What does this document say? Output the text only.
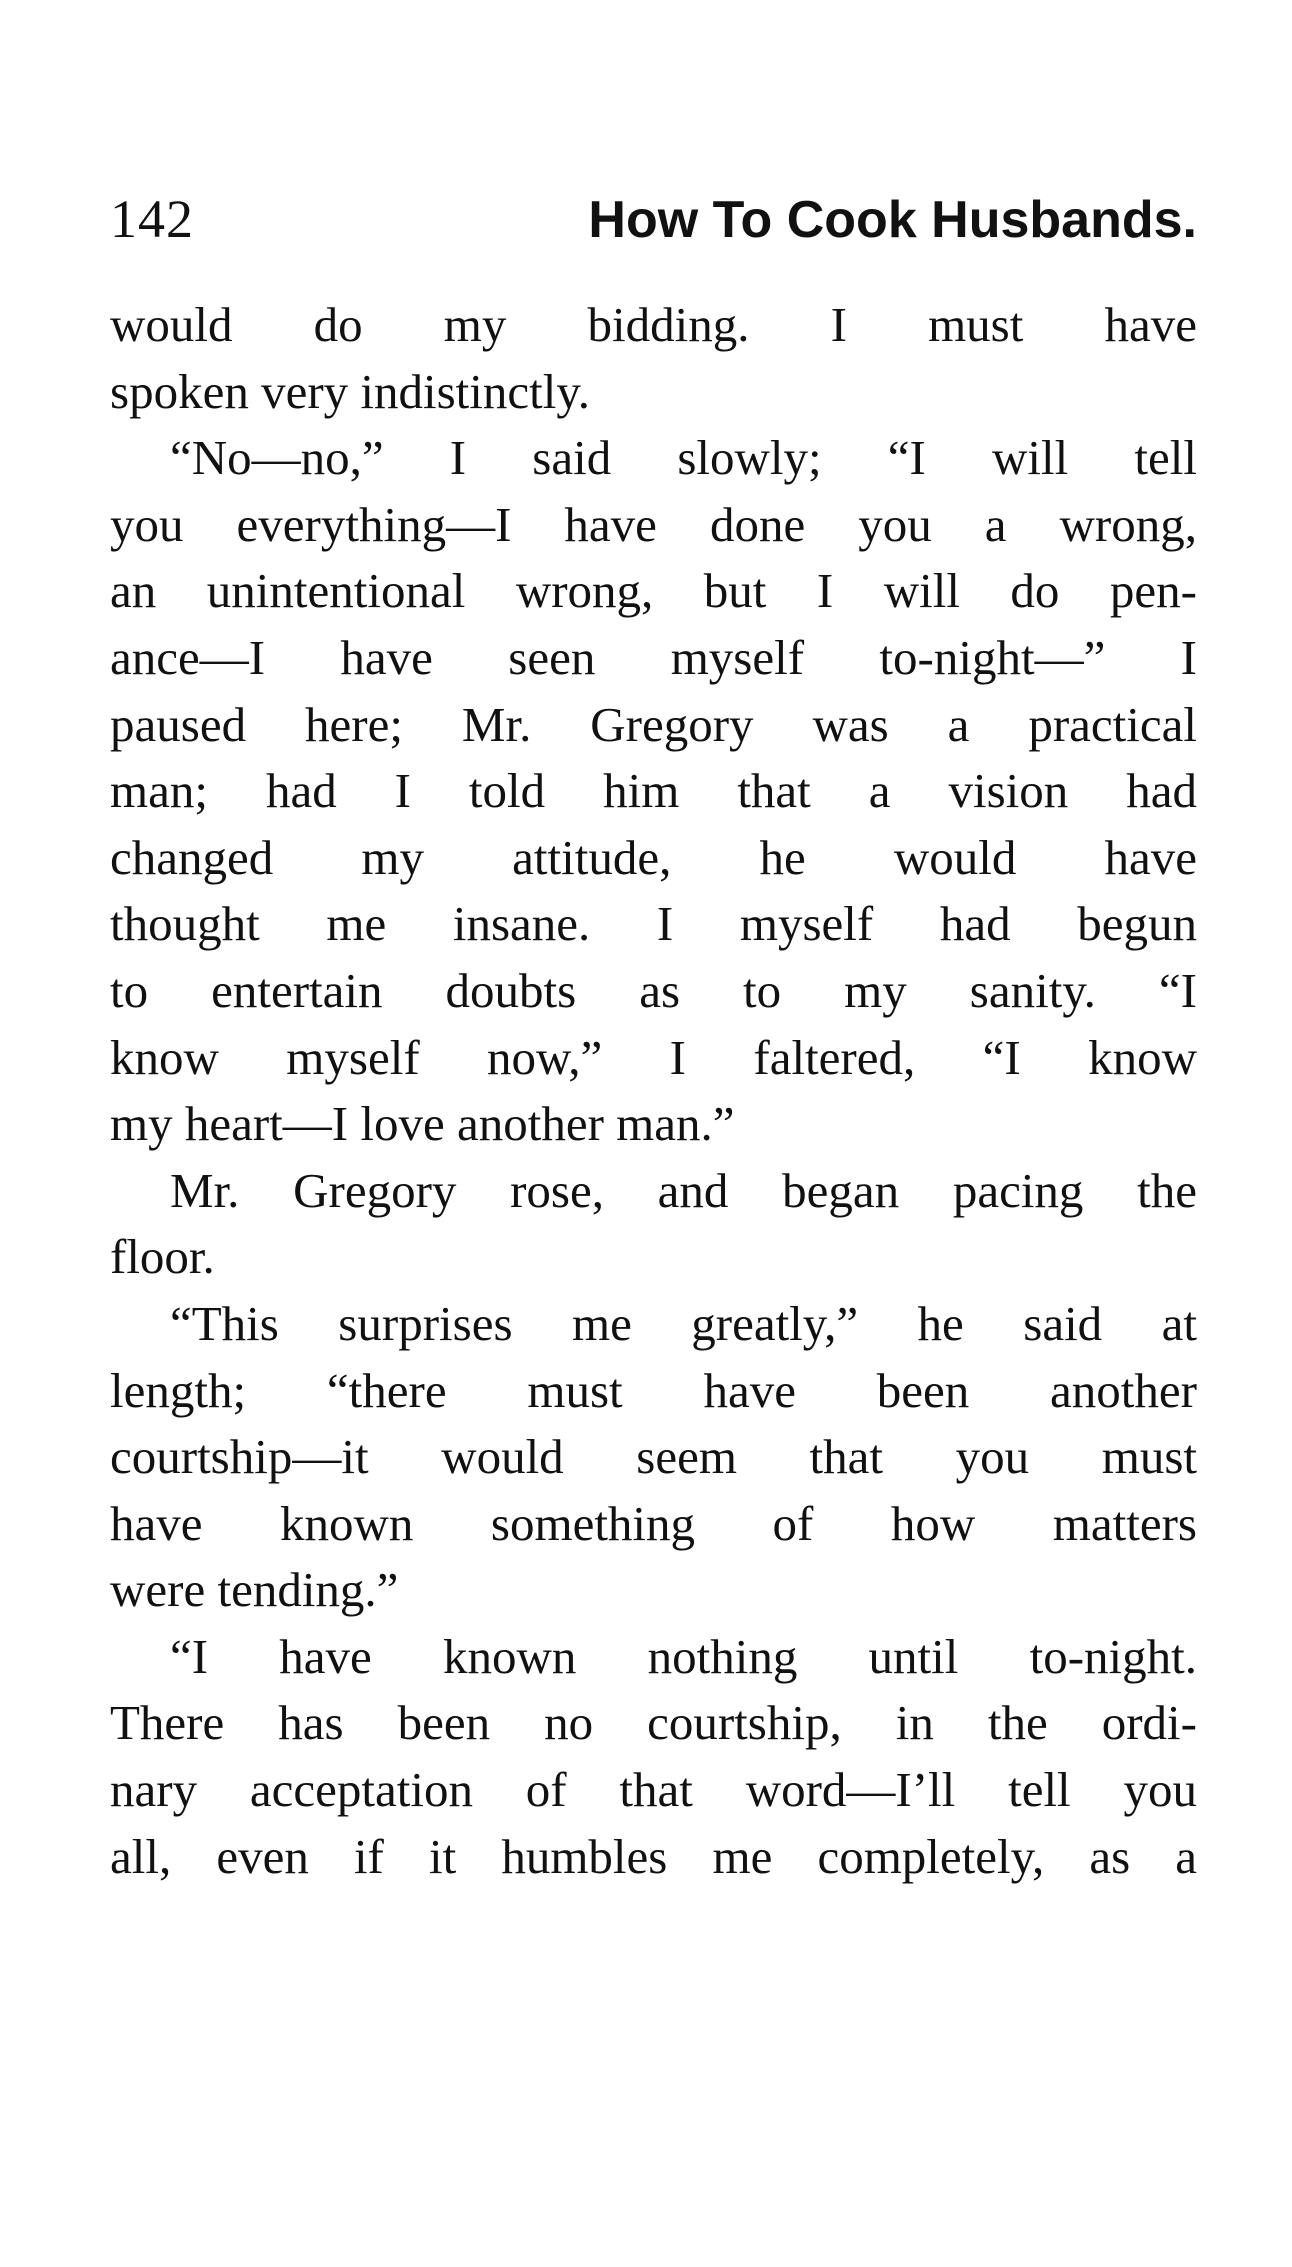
142	How To Cook Husbands.
would do my bidding. I must have
spoken very indistinctly.
“No—no,” I said slowly; “I will tell
you everything—I have done you a wrong,
an unintentional wrong, but I will do pen-
ance—I have seen myself to-night—” I
paused here; Mr. Gregory was a practical
man; had I told him that a vision had
changed my attitude, he would have
thought me insane. I myself had begun
to entertain doubts as to my sanity. “I
know myself now,” I faltered, “I know
my heart—I love another man.”
Mr. Gregory rose, and began pacing the
floor.
“This surprises me greatly,” he said at
length; “there must have been another
courtship—it would seem that you must
have known something of how matters
were tending.”
“I have known nothing until to-night.
There has been no courtship, in the ordi-
nary acceptation of that word—I’ll tell you
all, even if it humbles me completely, as a
